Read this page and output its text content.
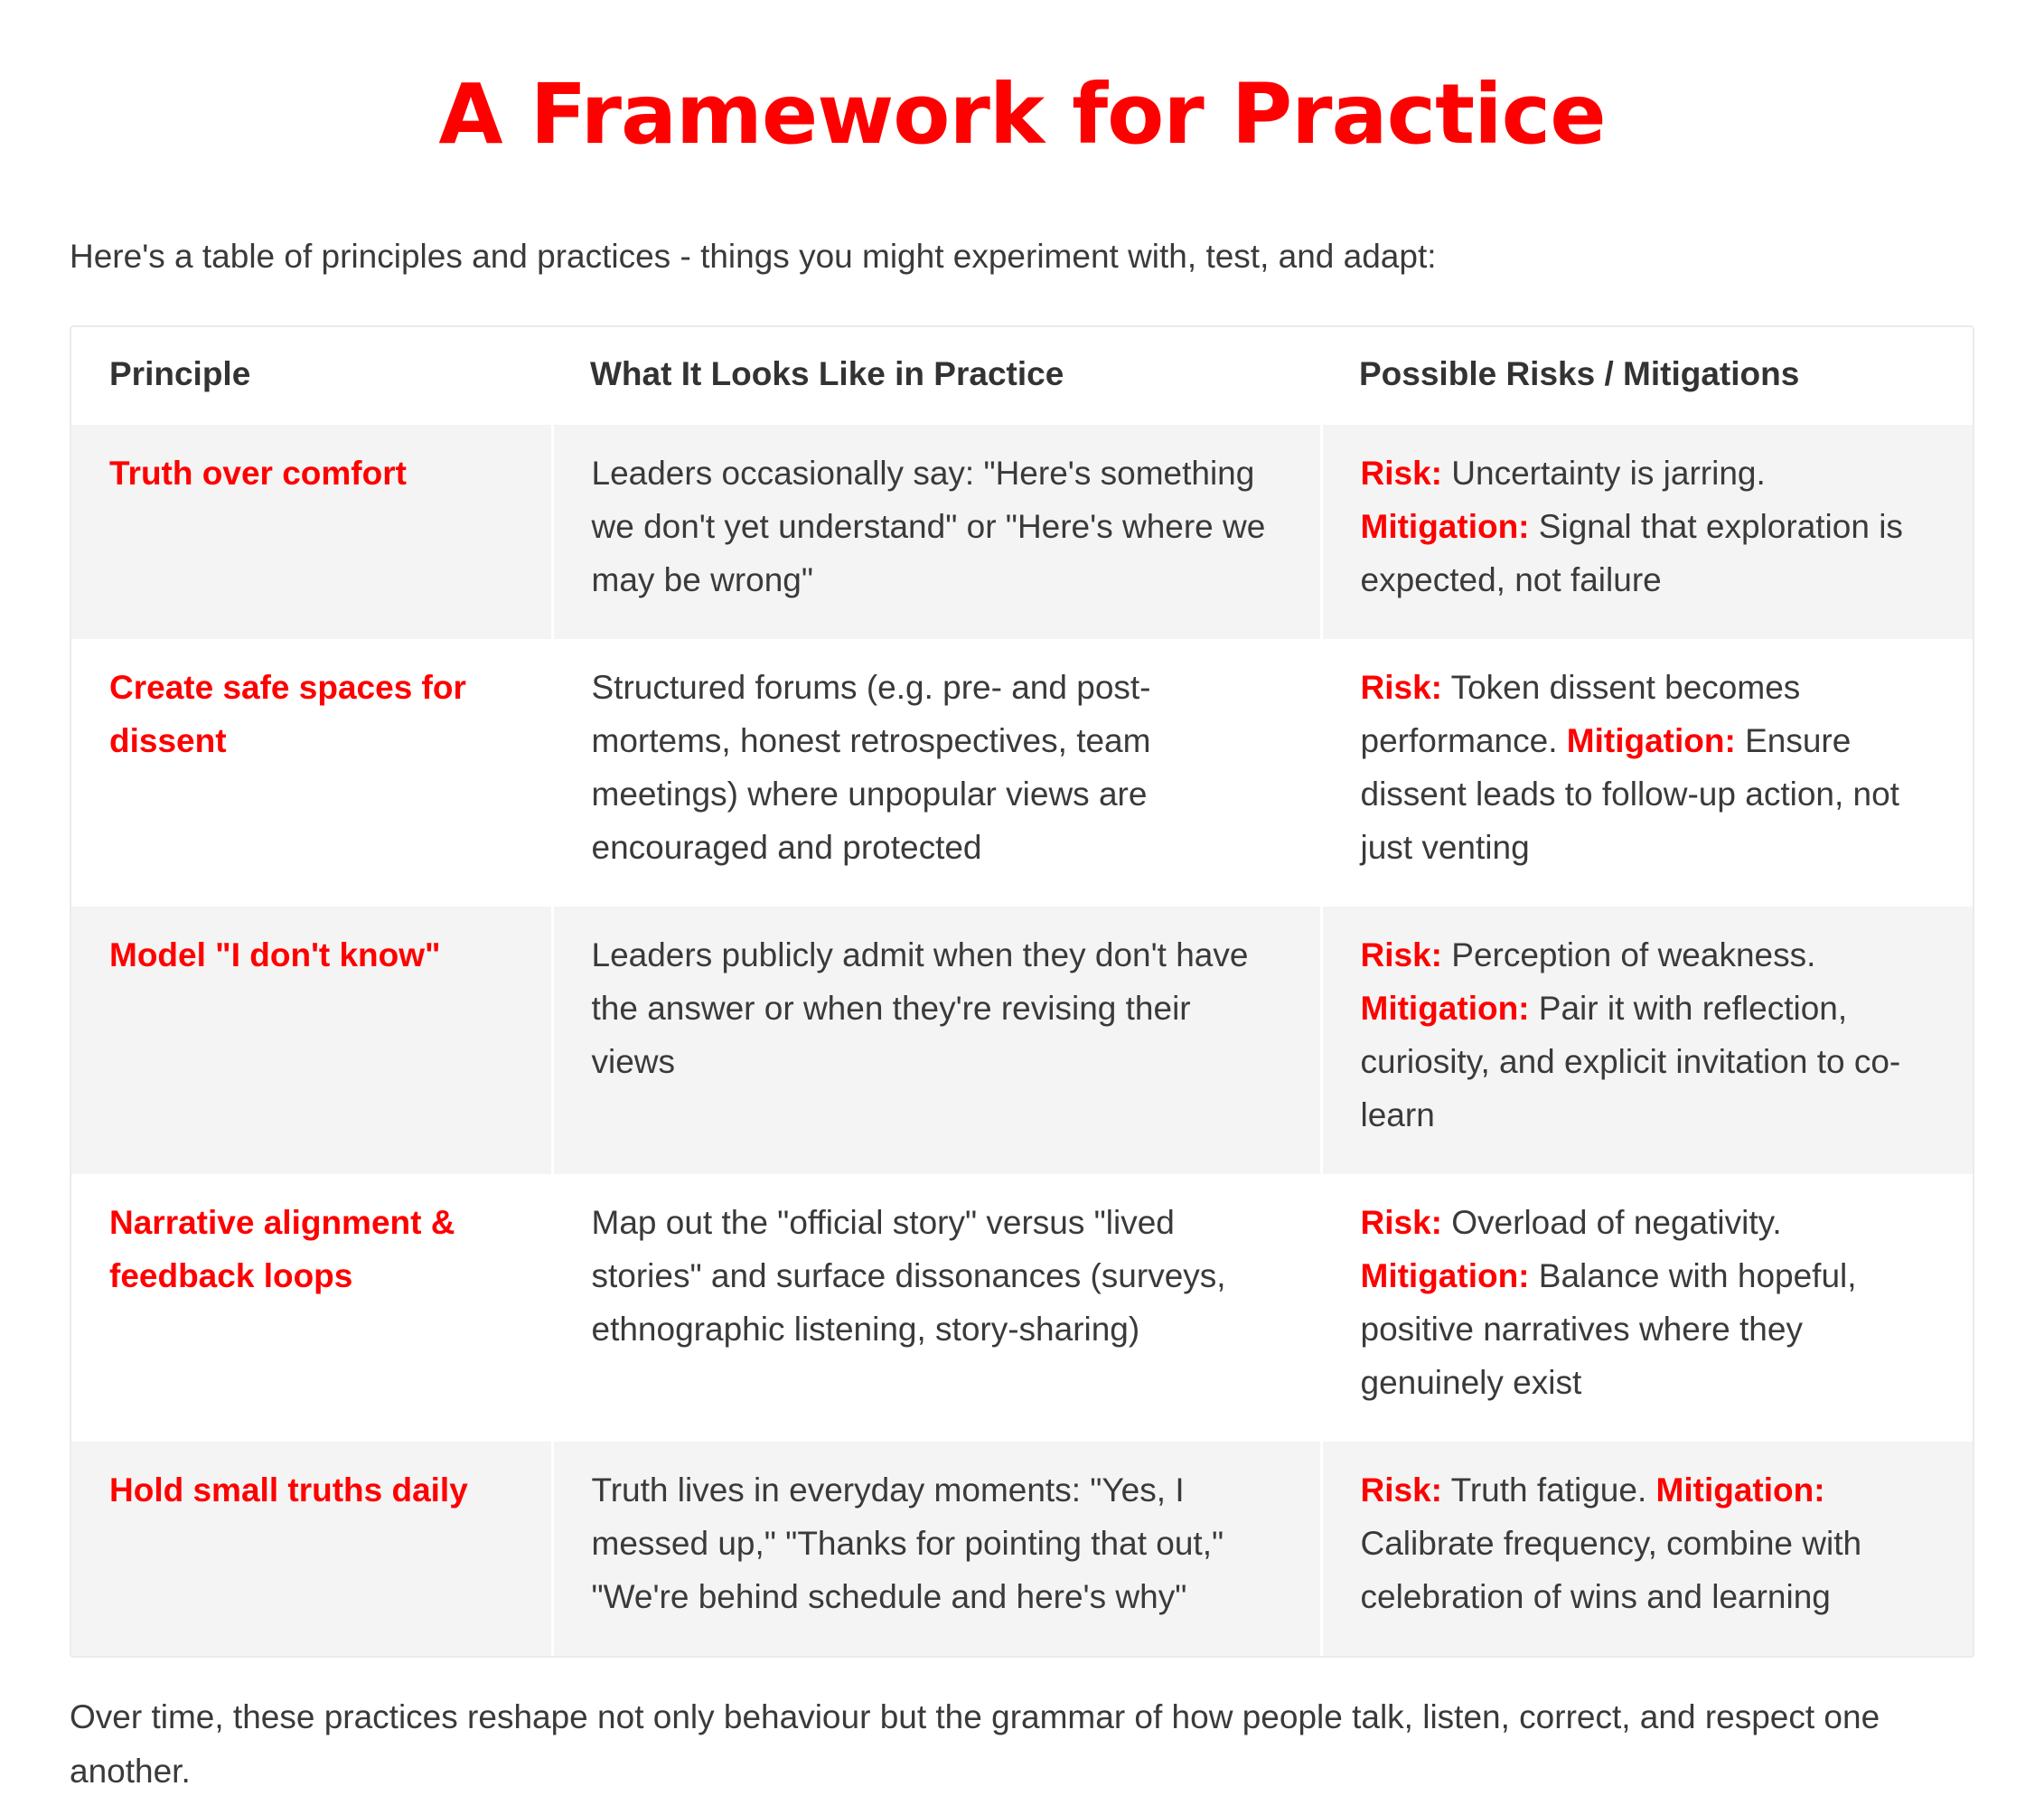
A Framework for Practice

Here's a table of principles and practices - things you might experiment with, test, and adapt:

Principle	What It Looks Like in Practice	Possible Risks / Mitigations
Truth over comfort	Leaders occasionally say: "Here's something we don't yet understand" or "Here's where we may be wrong"	Risk: Uncertainty is jarring. Mitigation: Signal that exploration is expected, not failure
Create safe spaces for dissent	Structured forums (e.g. pre- and post-mortems, honest retrospectives, team meetings) where unpopular views are encouraged and protected	Risk: Token dissent becomes performance. Mitigation: Ensure dissent leads to follow-up action, not just venting
Model "I don't know"	Leaders publicly admit when they don't have the answer or when they're revising their views	Risk: Perception of weakness. Mitigation: Pair it with reflection, curiosity, and explicit invitation to co-learn
Narrative alignment & feedback loops	Map out the "official story" versus "lived stories" and surface dissonances (surveys, ethnographic listening, story-sharing)	Risk: Overload of negativity. Mitigation: Balance with hopeful, positive narratives where they genuinely exist
Hold small truths daily	Truth lives in everyday moments: "Yes, I messed up," "Thanks for pointing that out," "We're behind schedule and here's why"	Risk: Truth fatigue. Mitigation: Calibrate frequency, combine with celebration of wins and learning

Over time, these practices reshape not only behaviour but the grammar of how people talk, listen, correct, and respect one another.
